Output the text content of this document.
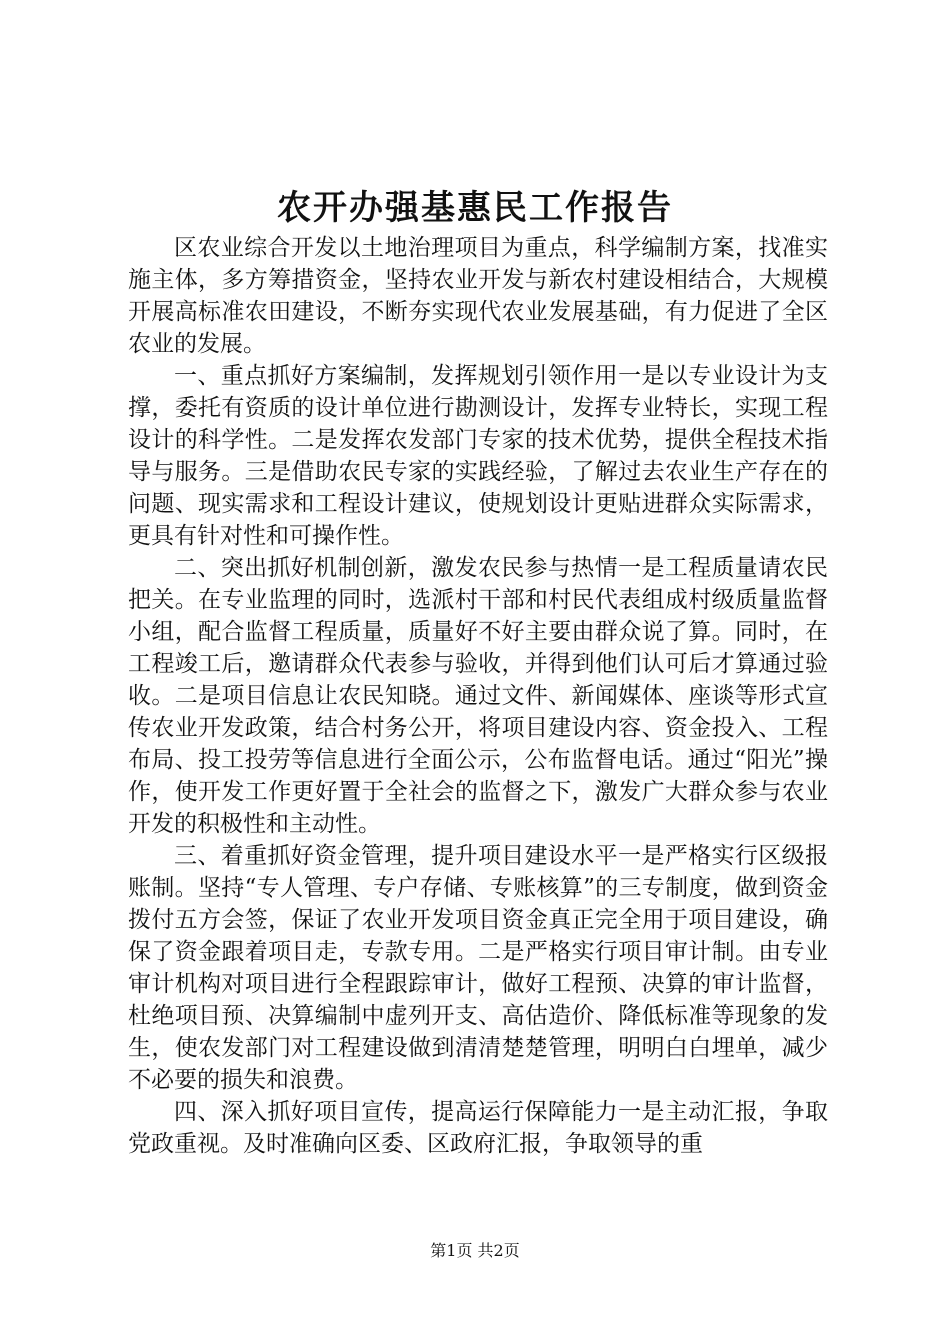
农开办强基惠民工作报告

区农业综合开发以土地治理项目为重点，科学编制方案，找准实施主体，多方筹措资金，坚持农业开发与新农村建设相结合，大规模开展高标准农田建设，不断夯实现代农业发展基础，有力促进了全区农业的发展。

一、重点抓好方案编制，发挥规划引领作用一是以专业设计为支撑，委托有资质的设计单位进行勘测设计，发挥专业特长，实现工程设计的科学性。二是发挥农发部门专家的技术优势，提供全程技术指导与服务。三是借助农民专家的实践经验，了解过去农业生产存在的问题、现实需求和工程设计建议，使规划设计更贴进群众实际需求，更具有针对性和可操作性。

二、突出抓好机制创新，激发农民参与热情一是工程质量请农民把关。在专业监理的同时，选派村干部和村民代表组成村级质量监督小组，配合监督工程质量，质量好不好主要由群众说了算。同时，在工程竣工后，邀请群众代表参与验收，并得到他们认可后才算通过验收。二是项目信息让农民知晓。通过文件、新闻媒体、座谈等形式宣传农业开发政策，结合村务公开，将项目建设内容、资金投入、工程布局、投工投劳等信息进行全面公示，公布监督电话。通过“阳光”操作，使开发工作更好置于全社会的监督之下，激发广大群众参与农业开发的积极性和主动性。

三、着重抓好资金管理，提升项目建设水平一是严格实行区级报账制。坚持“专人管理、专户存储、专账核算”的三专制度，做到资金拨付五方会签，保证了农业开发项目资金真正完全用于项目建设，确保了资金跟着项目走，专款专用。二是严格实行项目审计制。由专业审计机构对项目进行全程跟踪审计，做好工程预、决算的审计监督，杜绝项目预、决算编制中虚列开支、高估造价、降低标准等现象的发生，使农发部门对工程建设做到清清楚楚管理，明明白白埋单，减少不必要的损失和浪费。

四、深入抓好项目宣传，提高运行保障能力一是主动汇报，争取党政重视。及时准确向区委、区政府汇报，争取领导的重

第1页 共2页
